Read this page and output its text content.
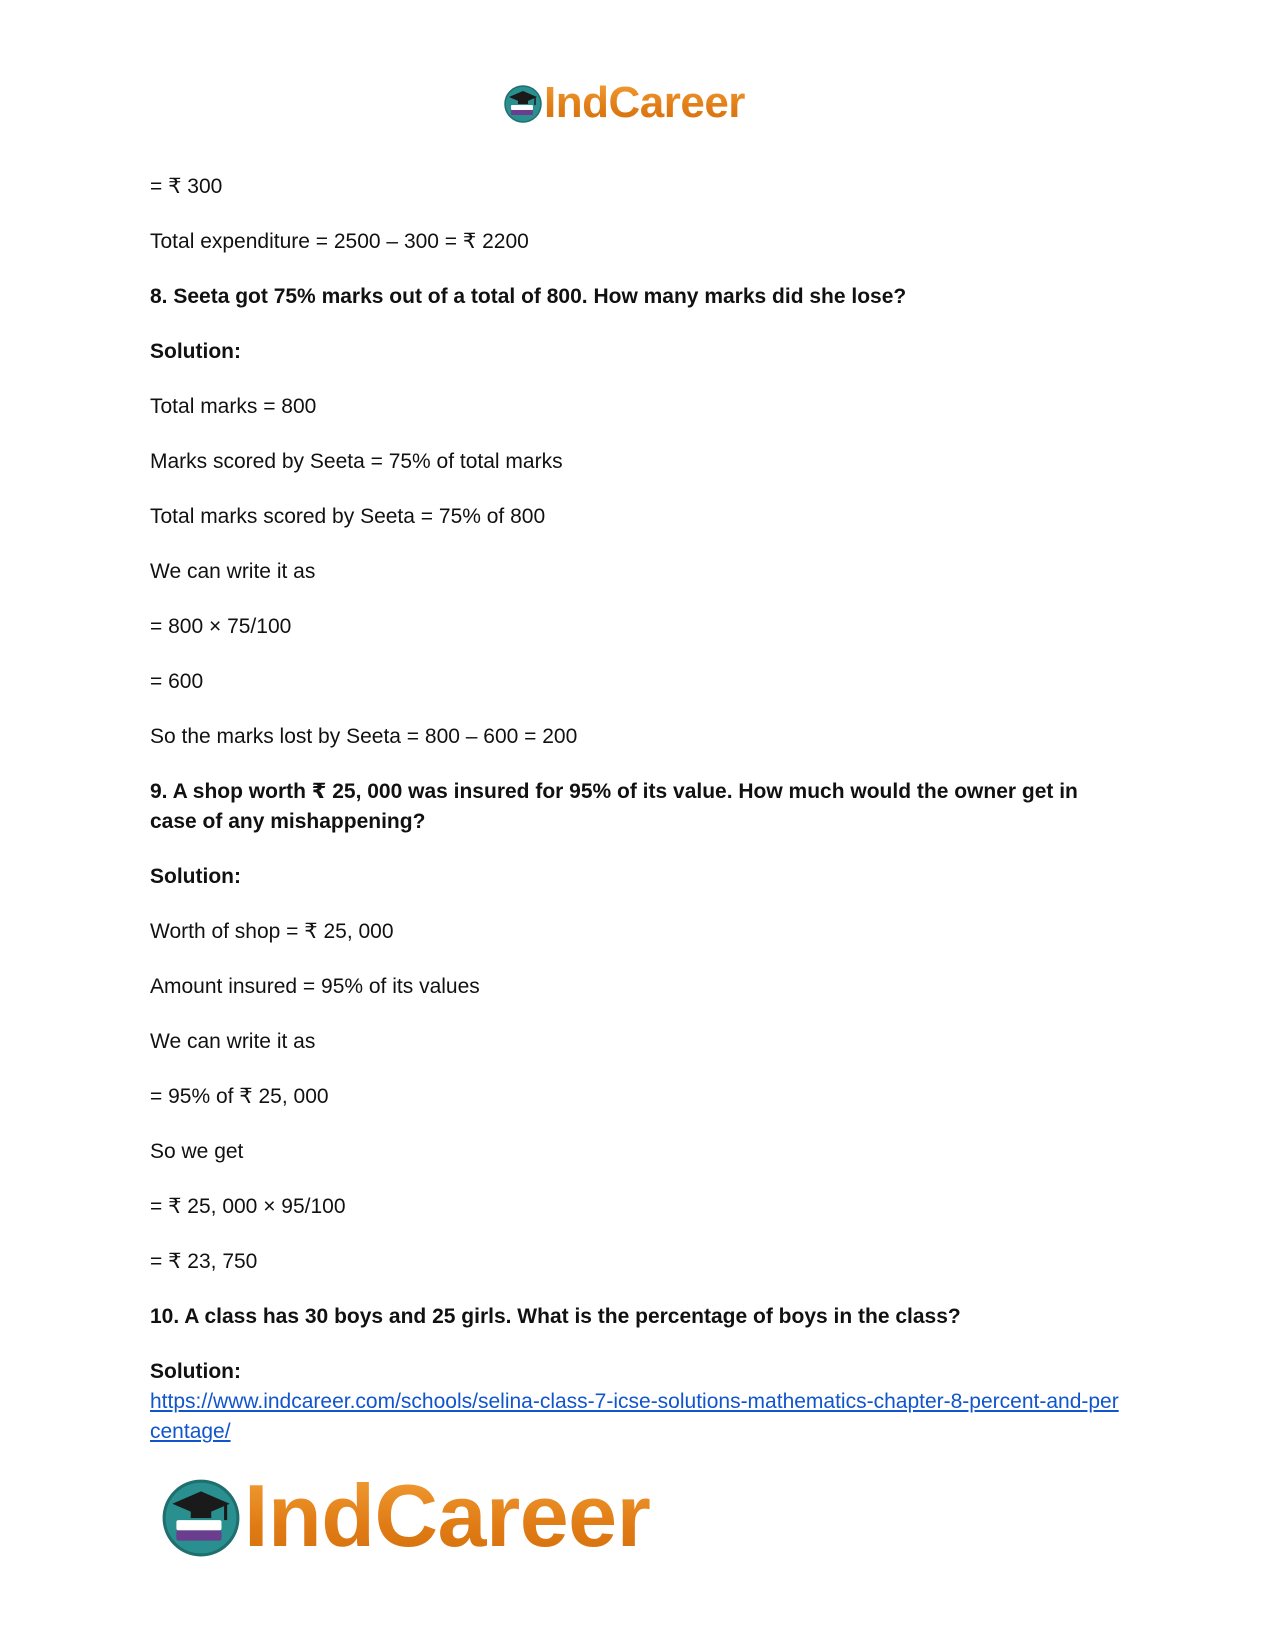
IndCareer

= ₹ 300

Total expenditure = 2500 – 300 = ₹ 2200

8. Seeta got 75% marks out of a total of 800. How many marks did she lose?

Solution:

Total marks = 800

Marks scored by Seeta = 75% of total marks

Total marks scored by Seeta = 75% of 800

We can write it as

= 800 × 75/100

= 600

So the marks lost by Seeta = 800 – 600 = 200

9. A shop worth ₹ 25, 000 was insured for 95% of its value. How much would the owner get in case of any mishappening?

Solution:

Worth of shop = ₹ 25, 000

Amount insured = 95% of its values

We can write it as

= 95% of ₹ 25, 000

So we get

= ₹ 25, 000 × 95/100

= ₹ 23, 750

10. A class has 30 boys and 25 girls. What is the percentage of boys in the class?

Solution:

https://www.indcareer.com/schools/selina-class-7-icse-solutions-mathematics-chapter-8-percent-and-percentage/
IndCareer
